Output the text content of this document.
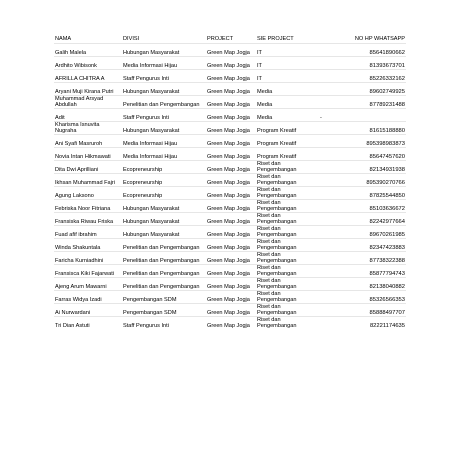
NAMA	DIVISI	PROJECT	SIE PROJECT		NO HP WHATSAPP
Galih Malela	Hubungan Masyarakat	Green Map Jogja	IT		85641890662
Ardhito Wibisonk	Media Informasi Hijau	Green Map Jogja	IT		81393673701
AFRILLA CHITRA A	Staff Pengurus Inti	Green Map Jogja	IT		85226332162
Aryani Muji Kirana Putri	Hubungan Masyarakat	Green Map Jogja	Media		89602749925
Muhammad Arsyad Abdullah	Penelitian dan Pengembangan	Green Map Jogja	Media		87789231488
Adit	Staff Pengurus Inti	Green Map Jogja	Media	-	
Kharisma Isnuvita Nugraha	Hubungan Masyarakat	Green Map Jogja	Program Kreatif		81615188880
Ani Syafi Masruroh	Media Informasi Hijau	Green Map Jogja	Program Kreatif		895398983873
Novia Intan Hikmawati	Media Informasi Hijau	Green Map Jogja	Program Kreatif		85647457620
Dita Dwi Aprilliani	Ecopreneurship	Green Map Jogja	Riset dan Pengembangan		82134931938
Ikhsan Muhammad Fajri	Ecopreneurship	Green Map Jogja	Riset dan Pengembangan		895390270766
Agung Laksono	Ecopreneurship	Green Map Jogja	Riset dan Pengembangan		87825544850
Febriska Noor Fitriana	Hubungan Masyarakat	Green Map Jogja	Riset dan Pengembangan		85103636672
Fransiska Riwau Friska	Hubungan Masyarakat	Green Map Jogja	Riset dan Pengembangan		82242977664
Fuad afif ibrahim	Hubungan Masyarakat	Green Map Jogja	Riset dan Pengembangan		89670261985
Winda Shakuntala	Penelitian dan Pengembangan	Green Map Jogja	Riset dan Pengembangan		82347423883
Faricha Kurniadhini	Penelitian dan Pengembangan	Green Map Jogja	Riset dan Pengembangan		87738322388
Fransisca Kiki Fajarwati	Penelitian dan Pengembangan	Green Map Jogja	Riset dan Pengembangan		85877794743
Ajeng Arum Mawarni	Penelitian dan Pengembangan	Green Map Jogja	Riset dan Pengembangan		82138040882
Farras Widya Izadi	Pengembangan SDM	Green Map Jogja	Riset dan Pengembangan		85326566353
Ai Nurwardani	Pengembangan SDM	Green Map Jogja	Riset dan Pengembangan		85888497707
Tri Dian Astuti	Staff Pengurus Inti	Green Map Jogja	Riset dan Pengembangan		82221174635
